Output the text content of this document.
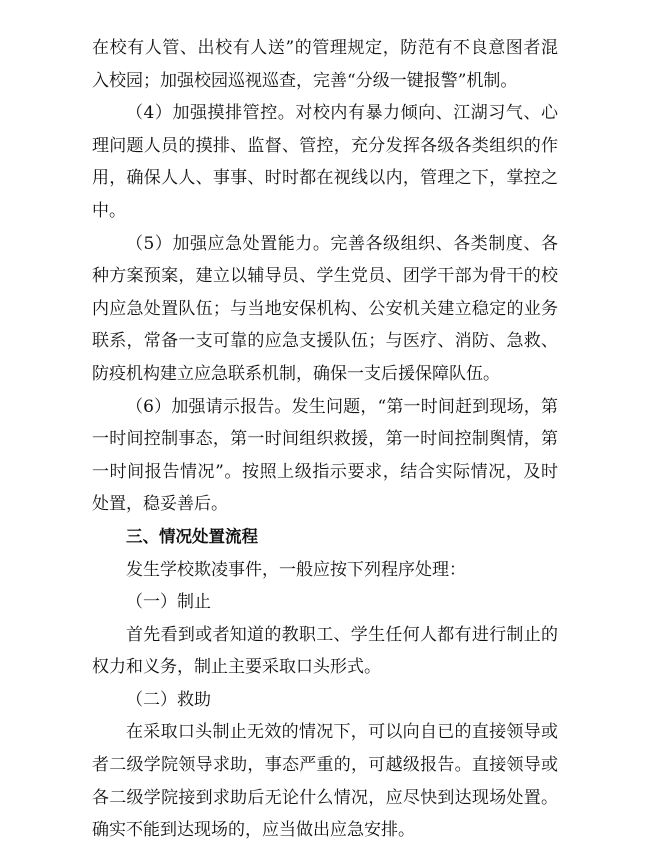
在校有人管、出校有人送”的管理规定，防范有不良意图者混入校园；加强校园巡视巡查，完善“分级一键报警”机制。

（4）加强摸排管控。对校内有暴力倾向、江湖习气、心理问题人员的摸排、监督、管控，充分发挥各级各类组织的作用，确保人人、事事、时时都在视线以内，管理之下，掌控之中。

（5）加强应急处置能力。完善各级组织、各类制度、各种方案预案，建立以辅导员、学生党员、团学干部为骨干的校内应急处置队伍；与当地安保机构、公安机关建立稳定的业务联系，常备一支可靠的应急支援队伍；与医疗、消防、急救、防疫机构建立应急联系机制，确保一支后援保障队伍。

（6）加强请示报告。发生问题，“第一时间赶到现场，第一时间控制事态，第一时间组织救援，第一时间控制舆情，第一时间报告情况”。按照上级指示要求，结合实际情况，及时处置，稳妥善后。

三、情况处置流程

发生学校欺凌事件，一般应按下列程序处理：

（一）制止

首先看到或者知道的教职工、学生任何人都有进行制止的权力和义务，制止主要采取口头形式。

（二）救助

在采取口头制止无效的情况下，可以向自已的直接领导或者二级学院领导求助，事态严重的，可越级报告。直接领导或各二级学院接到求助后无论什么情况，应尽快到达现场处置。确实不能到达现场的，应当做出应急安排。
